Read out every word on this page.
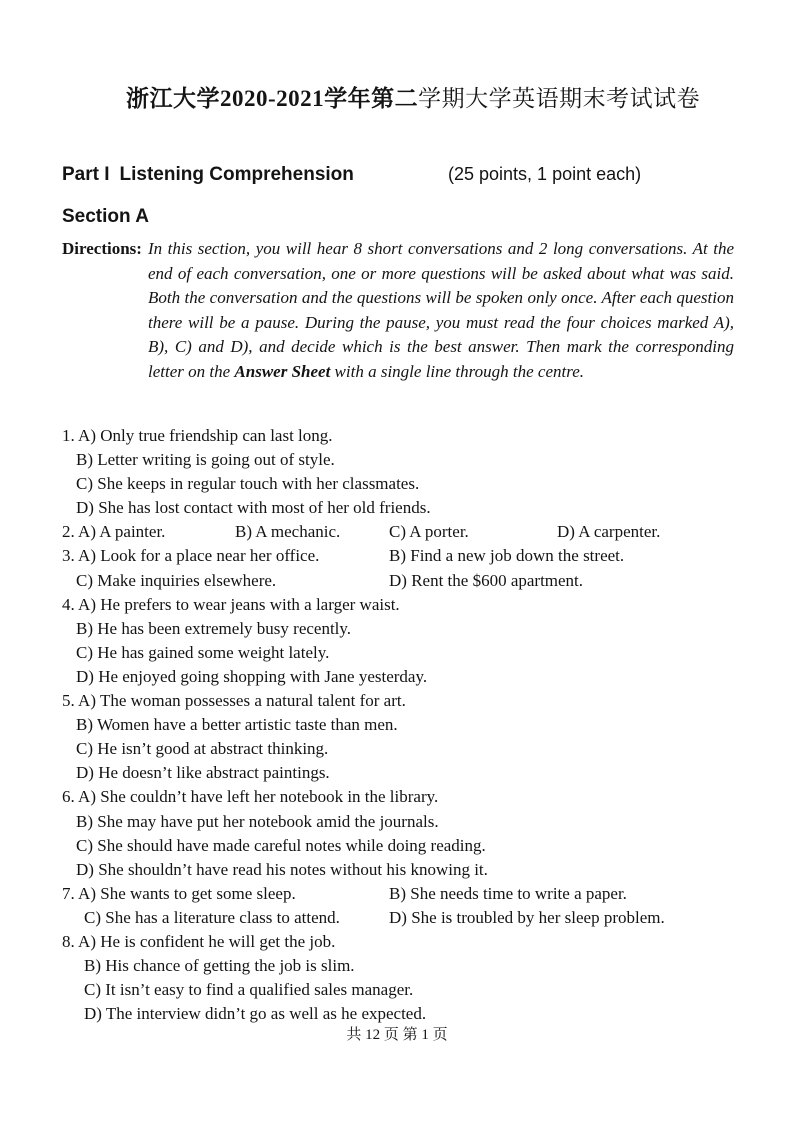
浙江大学2020-2021学年第二学期大学英语期末考试试卷
Part I Listening Comprehension	(25 points, 1 point each)
Section A
Directions: In this section, you will hear 8 short conversations and 2 long conversations. At the end of each conversation, one or more questions will be asked about what was said. Both the conversation and the questions will be spoken only once. After each question there will be a pause. During the pause, you must read the four choices marked A), B), C) and D), and decide which is the best answer. Then mark the corresponding letter on the Answer Sheet with a single line through the centre.
1. A) Only true friendship can last long.
B) Letter writing is going out of style.
C) She keeps in regular touch with her classmates.
D) She has lost contact with most of her old friends.
2. A) A painter.	B) A mechanic.	C) A porter.	D) A carpenter.
3. A) Look for a place near her office.	B) Find a new job down the street.
C) Make inquiries elsewhere.	D) Rent the $600 apartment.
4. A) He prefers to wear jeans with a larger waist.
B) He has been extremely busy recently.
C) He has gained some weight lately.
D) He enjoyed going shopping with Jane yesterday.
5. A) The woman possesses a natural talent for art.
B) Women have a better artistic taste than men.
C) He isn’t good at abstract thinking.
D) He doesn’t like abstract paintings.
6. A) She couldn’t have left her notebook in the library.
B) She may have put her notebook amid the journals.
C) She should have made careful notes while doing reading.
D) She shouldn’t have read his notes without his knowing it.
7. A) She wants to get some sleep.	B) She needs time to write a paper.
C) She has a literature class to attend.	D) She is troubled by her sleep problem.
8. A) He is confident he will get the job.
B) His chance of getting the job is slim.
C) It isn’t easy to find a qualified sales manager.
D) The interview didn’t go as well as he expected.
共 12 页 第 1 页
